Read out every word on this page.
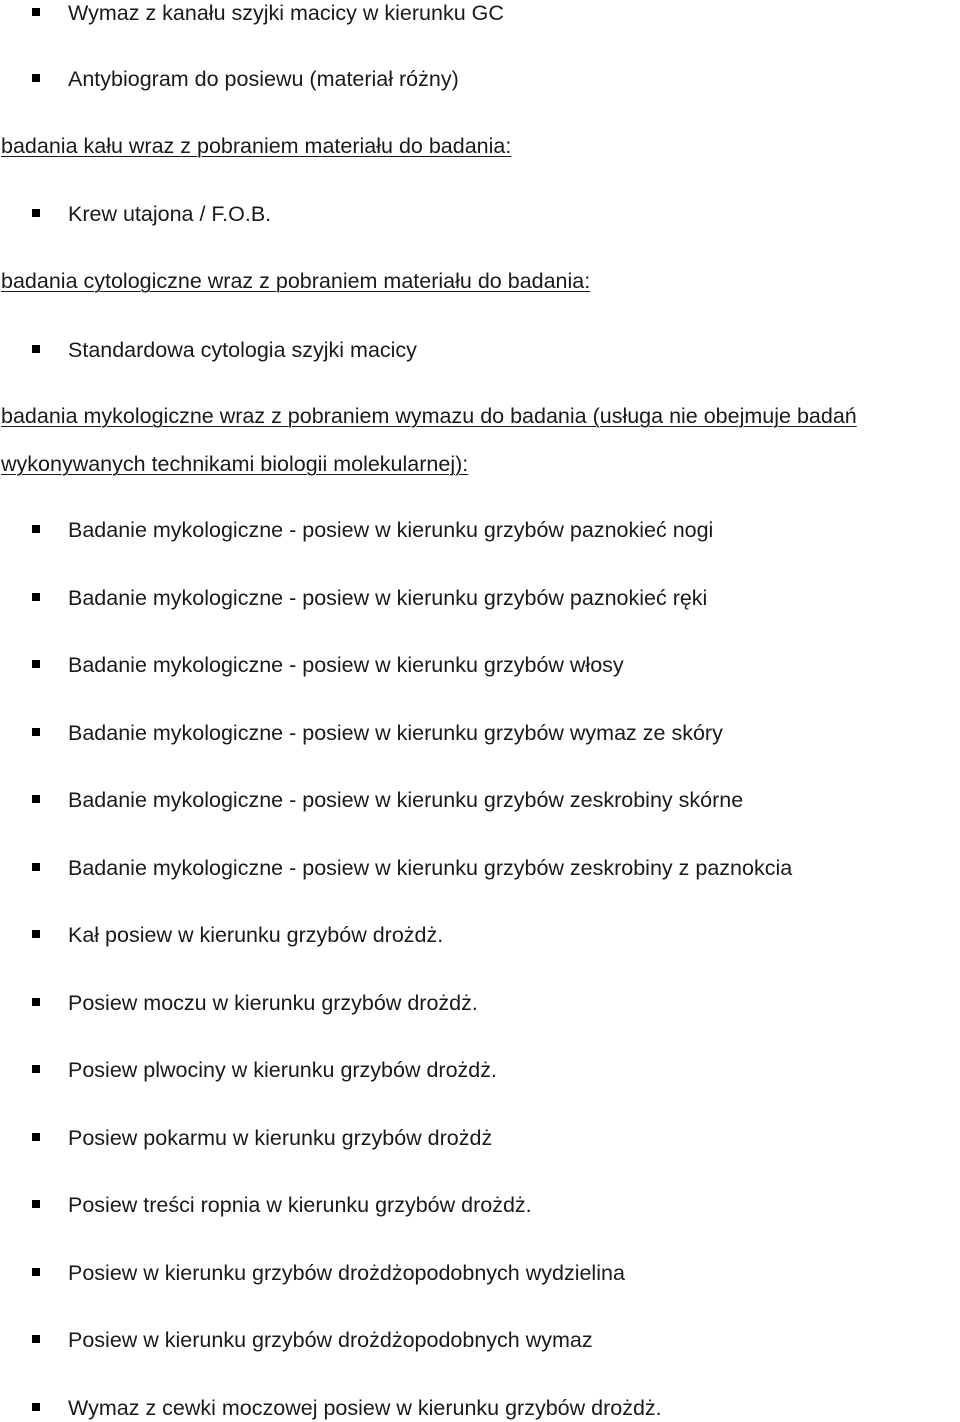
Wymaz z kanału szyjki macicy w kierunku GC
Antybiogram do posiewu (materiał różny)
badania kału wraz z pobraniem materiału do badania:
Krew utajona / F.O.B.
badania cytologiczne wraz z pobraniem materiału do badania:
Standardowa cytologia szyjki macicy
badania mykologiczne wraz z pobraniem wymazu do badania (usługa nie obejmuje badań wykonywanych technikami biologii molekularnej):
Badanie mykologiczne - posiew w kierunku grzybów paznokieć nogi
Badanie mykologiczne - posiew w kierunku grzybów paznokieć ręki
Badanie mykologiczne - posiew w kierunku grzybów włosy
Badanie mykologiczne - posiew w kierunku grzybów wymaz ze skóry
Badanie mykologiczne - posiew w kierunku grzybów zeskrobiny skórne
Badanie mykologiczne - posiew w kierunku grzybów zeskrobiny z paznokcia
Kał posiew w kierunku grzybów drożdż.
Posiew moczu w kierunku grzybów drożdż.
Posiew plwociny w kierunku grzybów drożdż.
Posiew pokarmu w kierunku grzybów drożdż
Posiew treści ropnia w kierunku grzybów drożdż.
Posiew w kierunku grzybów drożdżopodobnych wydzielina
Posiew w kierunku grzybów drożdżopodobnych wymaz
Wymaz z cewki moczowej posiew w kierunku grzybów drożdż.
